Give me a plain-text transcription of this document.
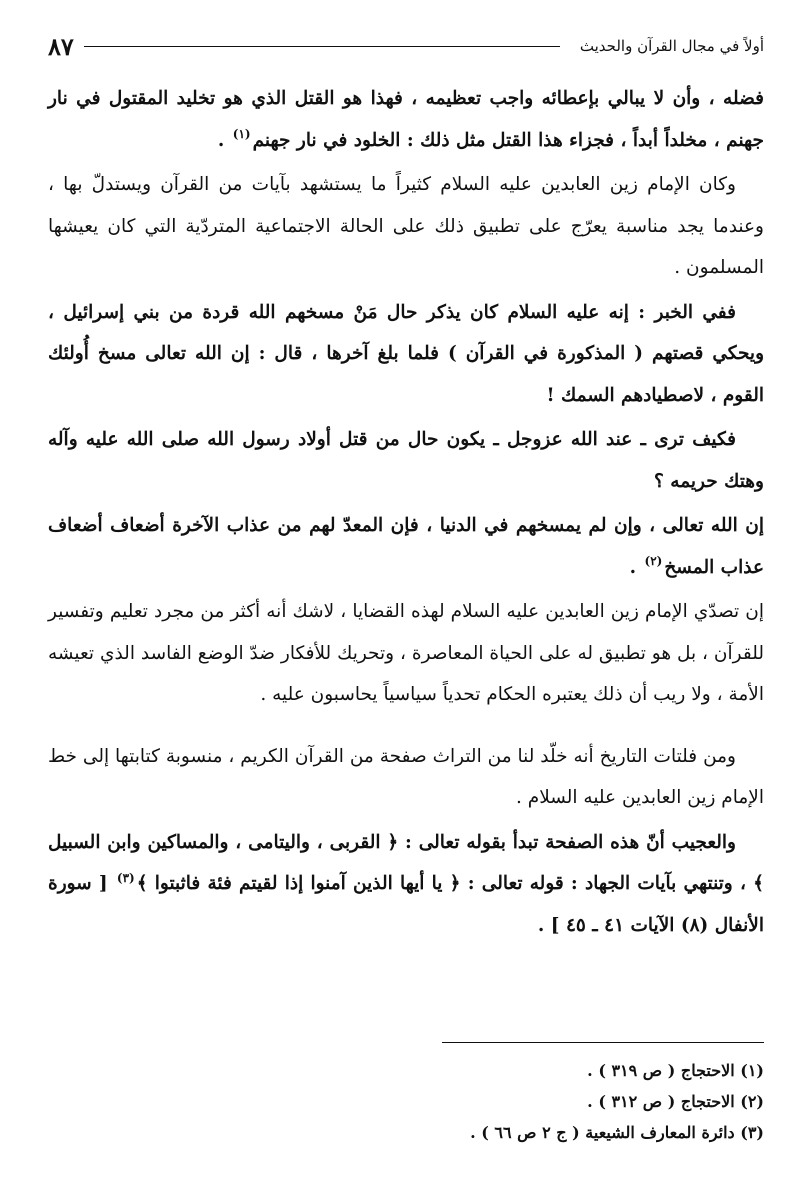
أولاً في مجال القرآن والحديث
٨٧

فضله ، وأن لا يبالي بإعطائه واجب تعظيمه ، فهذا هو القتل الذي هو تخليد المقتول في نار جهنم ، مخلداً أبداً ، فجزاء هذا القتل مثل ذلك : الخلود في نار جهنم$^{(١)}$ .

وكان الإمام زين العابدين عليه السلام كثيراً ما يستشهد بآيات من القرآن ويستدلّ بها ، وعندما يجد مناسبة يعرّج على تطبيق ذلك على الحالة الاجتماعية المتردّية التي كان يعيشها المسلمون .

ففي الخبر : إنه عليه السلام كان يذكر حال مَنْ مسخهم الله قردة من بني إسرائيل ، ويحكي قصتهم ( المذكورة في القرآن ) فلما بلغ آخرها ، قال : إن الله تعالى مسخ أُولئك القوم ، لاصطيادهم السمك !

فكيف ترى ـ عند الله عزوجل ـ يكون حال من قتل أولاد رسول الله صلى الله عليه وآله وهتك حريمه ؟

إن الله تعالى ، وإن لم يمسخهم في الدنيا ، فإن المعدّ لهم من عذاب الآخرة أضعاف أضعاف عذاب المسخ$^{(٢)}$ .

إن تصدّي الإمام زين العابدين عليه السلام لهذه القضايا ، لاشك أنه أكثر من مجرد تعليم وتفسير للقرآن ، بل هو تطبيق له على الحياة المعاصرة ، وتحريك للأفكار ضدّ الوضع الفاسد الذي تعيشه الأمة ، ولا ريب أن ذلك يعتبره الحكام تحدياً سياسياً يحاسبون عليه .

ومن فلتات التاريخ أنه خلّد لنا من التراث صفحة من القرآن الكريم ، منسوبة كتابتها إلى خط الإمام زين العابدين عليه السلام .

والعجيب أنّ هذه الصفحة تبدأ بقوله تعالى : ﴿ القربى ، واليتامى ، والمساكين وابن السبيل ﴾ ، وتنتهي بآيات الجهاد : قوله تعالى : ﴿ يا أيها الذين آمنوا إذا لقيتم فئة فاثبتوا ﴾$^{(٣)}$ [ سورة الأنفال (٨) الآيات ٤١ ـ ٤٥ ] .

(١) الاحتجاج ( ص ٣١٩ ) .
(٢) الاحتجاج ( ص ٣١٢ ) .
(٣) دائرة المعارف الشيعية ( ج ٢ ص ٦٦ ) .
